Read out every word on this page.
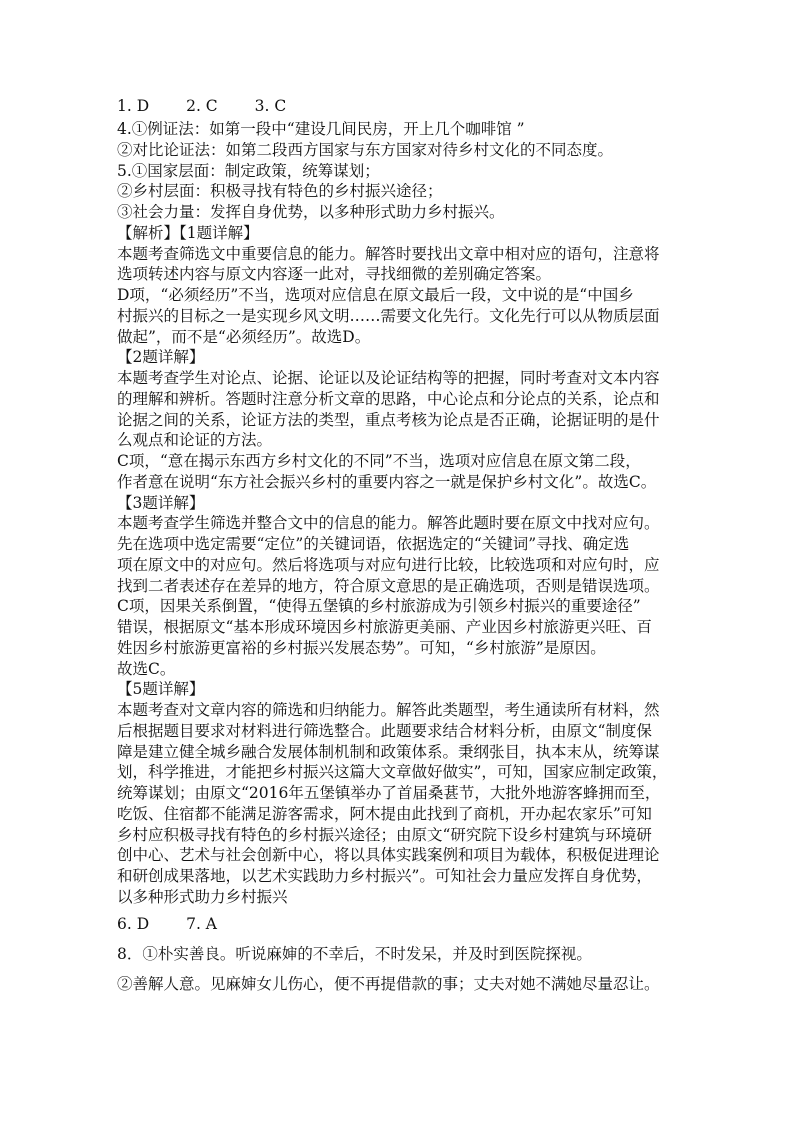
1. D 2. C 3. C
4.①例证法：如第一段中“建设几间民房，开上几个咖啡馆 ”
②对比论证法：如第二段西方国家与东方国家对待乡村文化的不同态度。
5.①国家层面：制定政策，统筹谋划；
②乡村层面：积极寻找有特色的乡村振兴途径；
③社会力量：发挥自身优势，以多种形式助力乡村振兴。
【解析】【1题详解】
本题考查筛选文中重要信息的能力。解答时要找出文章中相对应的语句，注意将
选项转述内容与原文内容逐一此对，寻找细微的差别确定答案。
D项，“必须经历”不当，选项对应信息在原文最后一段，文中说的是“中国乡
村振兴的目标之一是实现乡风文明……需要文化先行。文化先行可以从物质层面
做起”，而不是“必须经历”。故选D。
【2题详解】
本题考查学生对论点、论据、论证以及论证结构等的把握，同时考查对文本内容
的理解和辨析。答题时注意分析文章的思路，中心论点和分论点的关系，论点和
论据之间的关系，论证方法的类型，重点考核为论点是否正确，论据证明的是什
么观点和论证的方法。
C项，“意在揭示东西方乡村文化的不同”不当，选项对应信息在原文第二段，
作者意在说明“东方社会振兴乡村的重要内容之一就是保护乡村文化”。故选C。
【3题详解】
本题考查学生筛选并整合文中的信息的能力。解答此题时要在原文中找对应句。
先在选项中选定需要“定位”的关键词语，依据选定的“关键词”寻找、确定选
项在原文中的对应句。然后将选项与对应句进行比较，比较选项和对应句时，应
找到二者表述存在差异的地方，符合原文意思的是正确选项，否则是错误选项。
C项，因果关系倒置，“使得五堡镇的乡村旅游成为引领乡村振兴的重要途径”
错误，根据原文“基本形成环境因乡村旅游更美丽、产业因乡村旅游更兴旺、百
姓因乡村旅游更富裕的乡村振兴发展态势”。可知，“乡村旅游”是原因。
故选C。
【5题详解】
本题考查对文章内容的筛选和归纳能力。解答此类题型，考生通读所有材料，然
后根据题目要求对材料进行筛选整合。此题要求结合材料分析，由原文“制度保
障是建立健全城乡融合发展体制机制和政策体系。秉纲张目，执本末从，统筹谋
划，科学推进，才能把乡村振兴这篇大文章做好做实”，可知，国家应制定政策，
统筹谋划；由原文“2016年五堡镇举办了首届桑葚节，大批外地游客蜂拥而至，
吃饭、住宿都不能满足游客需求，阿木提由此找到了商机，开办起农家乐”可知
乡村应积极寻找有特色的乡村振兴途径；由原文“研究院下设乡村建筑与环境研
创中心、艺术与社会创新中心，将以具体实践案例和项目为载体，积极促进理论
和研创成果落地，以艺术实践助力乡村振兴”。可知社会力量应发挥自身优势，
以多种形式助力乡村振兴
6. D 7. A
8．①朴实善良。听说麻婶的不幸后，不时发呆，并及时到医院探视。
②善解人意。见麻婶女儿伤心，便不再提借款的事；丈夫对她不满她尽量忍让。
